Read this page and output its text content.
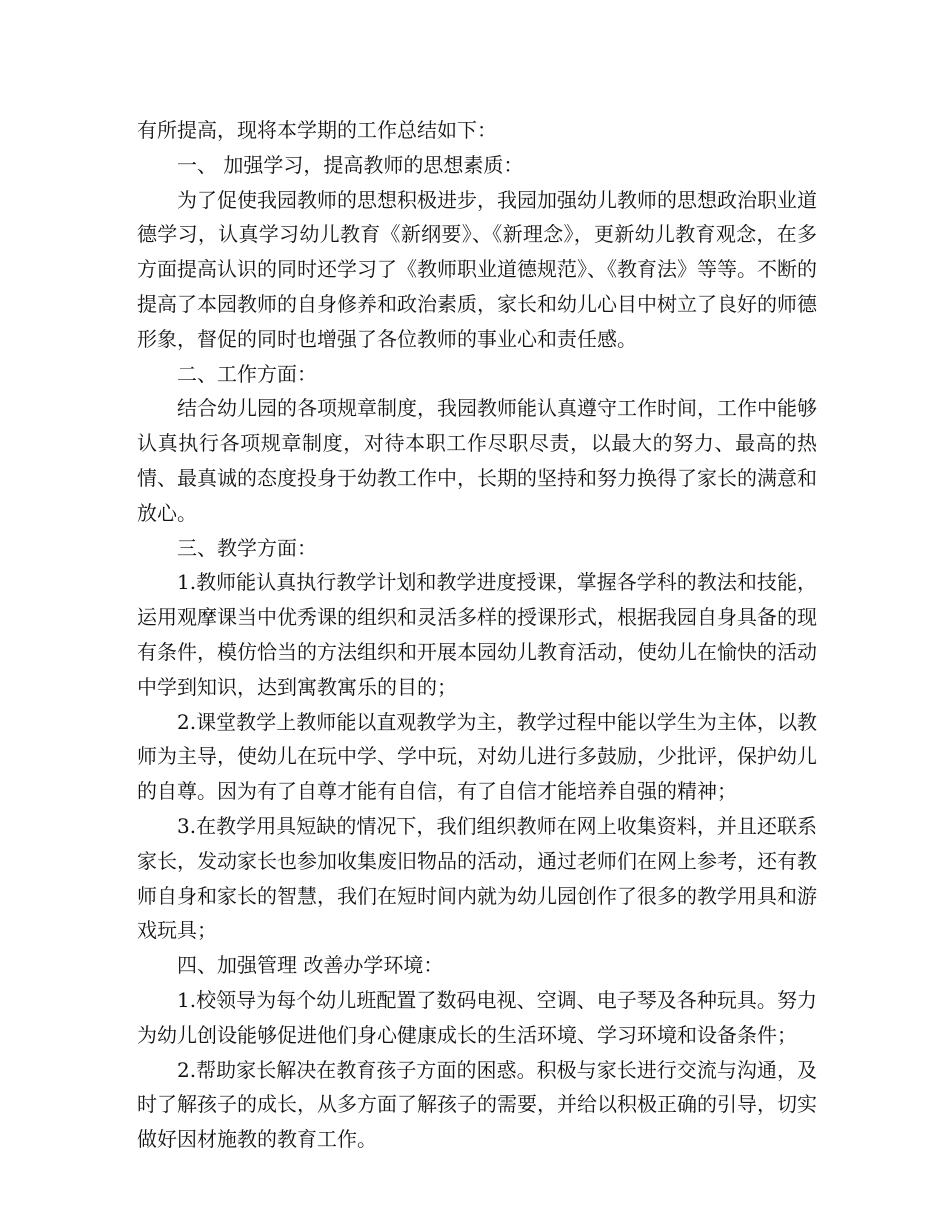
有所提高，现将本学期的工作总结如下：

一、 加强学习，提高教师的思想素质：

为了促使我园教师的思想积极进步，我园加强幼儿教师的思想政治职业道德学习，认真学习幼儿教育《新纲要》、《新理念》，更新幼儿教育观念，在多方面提高认识的同时还学习了《教师职业道德规范》、《教育法》等等。不断的提高了本园教师的自身修养和政治素质，家长和幼儿心目中树立了良好的师德形象，督促的同时也增强了各位教师的事业心和责任感。

二、工作方面：

结合幼儿园的各项规章制度，我园教师能认真遵守工作时间，工作中能够认真执行各项规章制度，对待本职工作尽职尽责，以最大的努力、最高的热情、最真诚的态度投身于幼教工作中，长期的坚持和努力换得了家长的满意和放心。

三、教学方面：

1.教师能认真执行教学计划和教学进度授课，掌握各学科的教法和技能，运用观摩课当中优秀课的组织和灵活多样的授课形式，根据我园自身具备的现有条件，模仿恰当的方法组织和开展本园幼儿教育活动，使幼儿在愉快的活动中学到知识，达到寓教寓乐的目的；

2.课堂教学上教师能以直观教学为主，教学过程中能以学生为主体，以教师为主导，使幼儿在玩中学、学中玩，对幼儿进行多鼓励，少批评，保护幼儿的自尊。因为有了自尊才能有自信，有了自信才能培养自强的精神；

3.在教学用具短缺的情况下，我们组织教师在网上收集资料，并且还联系家长，发动家长也参加收集废旧物品的活动，通过老师们在网上参考，还有教师自身和家长的智慧，我们在短时间内就为幼儿园创作了很多的教学用具和游戏玩具；

四、加强管理 改善办学环境：

1.校领导为每个幼儿班配置了数码电视、空调、电子琴及各种玩具。努力为幼儿创设能够促进他们身心健康成长的生活环境、学习环境和设备条件；

2.帮助家长解决在教育孩子方面的困惑。积极与家长进行交流与沟通，及时了解孩子的成长，从多方面了解孩子的需要，并给以积极正确的引导，切实做好因材施教的教育工作。
